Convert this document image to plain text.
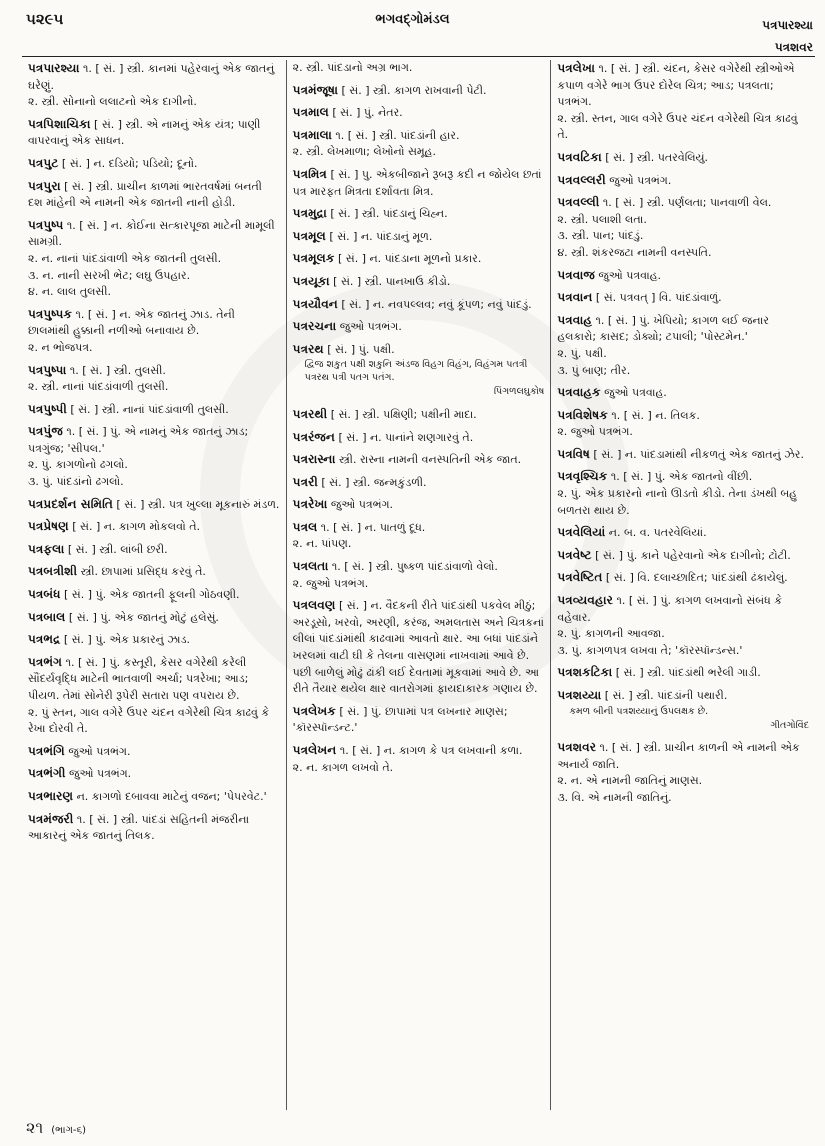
૫૨૯૫	ભગવદ્ગોમંડલ	પત્રપારશ્યા
પત્રશવર

પત્રપારશ્યા ૧. [ સં. ] સ્ત્રી. કાનમાં પહેરવાનું એક જાતનું ઘરેણું.

૨. સ્ત્રી. સોનાનો લલાટનો એક દાગીનો.

પત્રપિશાચિકા [ સં. ] સ્ત્રી. એ નામનું એક યંત્ર; પાણી વાપરવાનું એક સાધન.

પત્રપુટ [ સં. ] ન. દડિયો; પડિયો; દૂનો.

પત્રપુરા [ સં. ] સ્ત્રી. પ્રાચીન કાળમાં ભારતવર્ષમાં બનતી દશ માંહેની એ નામની એક જાતની નાની હોડી.

પત્રપુષ્પ ૧. [ સં. ] ન. કોઈના સત્કારપૂજા માટેની મામૂલી સામગ્રી.

૨. ન. નાનાં પાંદડાંવાળી એક જાતની તુલસી.

૩. ન. નાની સરખી ભેટ; લઘુ ઉપહાર.

૪. ન. લાલ તુલસી.

પત્રપુષ્પક ૧. [ સં. ] ન. એક જાતનું ઝાડ. તેની છાલમાંથી હુક્કાની નળીઓ બનાવાય છે.

૨. ન ભોજપત્ર.

પત્રપુષ્પા ૧. [ સં. ] સ્ત્રી. તુલસી.

૨. સ્ત્રી. નાનાં પાંદડાંવાળી તુલસી.

પત્રપુષ્પી [ સં. ] સ્ત્રી. નાનાં પાંદડાંવાળી તુલસી.

પત્રપુંજ ૧. [ સં. ] પું. એ નામનું એક જાતનું ઝાડ; પત્રગુંજ; 'સીપલ.'

૨. પું. કાગળોનો ઢગલો.

૩. પું. પાંદડાંનો ઢગલો.

પત્રપ્રદર્શન સમિતિ [ સં. ] સ્ત્રી. પત્ર ખુલ્લા મૂકનારું મંડળ.

પત્રપ્રેષણ [ સં. ] ન. કાગળ મોકલવો તે.

પત્રફલા [ સં. ] સ્ત્રી. લાંબી છરી.

પત્રબત્રીશી સ્ત્રી. છાપામાં પ્રસિદ્ધ કરવું તે.

પત્રબંધ [ સં. ] પું. એક જાતની ફૂલની ગોઠવણી.

પત્રબાલ [ સં. ] પું. એક જાતનું મોટું હલેસું.

પત્રભદ્ર [ સં. ] પું. એક પ્રકારનું ઝાડ.

પત્રભંગ ૧. [ સં. ] પું. કસ્તૂરી, કેસર વગેરેથી કરેલી સૌંદર્યવૃદ્ધિ માટેની ભાતવાળી અર્ચા; પત્રરેખા; આડ; પીયળ. તેમાં સોનેરી રૂપેરી સતારા પણ વપરાય છે.

૨. પું સ્તન, ગાલ વગેરે ઉપર ચંદન વગેરેથી ચિત્ર કાઢવું કે રેખા દોરવી તે.

પત્રભંગિ જુઓ પત્રભંગ.

પત્રભંગી જુઓ પત્રભંગ.

પત્રભારણ ન. કાગળો દબાવવા માટેનું વજન; 'પેપરવેટ.'

પત્રમંજરી ૧. [ સં. ] સ્ત્રી. પાંદડાં સહિતની મંજરીના આકારનું એક જાતનું તિલક.

૨. સ્ત્રી. પાંદડાનો અગ્ર ભાગ.

પત્રમંજૂષા [ સં. ] સ્ત્રી. કાગળ રાખવાની પેટી.

પત્રમાલ [ સં. ] પું. નેતર.

પત્રમાલા ૧. [ સં. ] સ્ત્રી. પાંદડાંની હાર.

૨. સ્ત્રી. લેખમાળા; લેખોનો સમૂહ.

પત્રમિત્ર [ સં. ] પુ. એકબીજાને રૂબરૂ કદી ન જોયેલ છતાં પત્ર મારફત મિત્રતા દર્શાવતા મિત્ર.

પત્રમુદ્રા [ સં. ] સ્ત્રી. પાંદડાનું ચિહ્ન.

પત્રમૂલ [ સં. ] ન. પાંદડાનું મૂળ.

પત્રમૂલક [ સં. ] ન. પાંદડાના મૂળનો પ્રકાર.

પત્રયૂકા [ સં. ] સ્ત્રી. પાનખાઉ કીડો.

પત્રયૌવન [ સં. ] ન. નવપલ્લવ; નવું કૂંપળ; નવું પાંદડું.

પત્રરચના જુઓ પત્રભંગ.

પત્રરથ [ સં. ] પું. પક્ષી.

દ્વિજ શકુત પક્ષી શકુનિ અંડજ વિહગ વિહંગ, વિહંગમ પતત્રી પત્રરથ પત્રી પતગ પતંગ.

પિંગળલઘુકોષ

પત્રરથી [ સં. ] સ્ત્રી. પક્ષિણી; પક્ષીની માદા.

પત્રરંજન [ સં. ] ન. પાનાંને શણગારવું તે.

પત્રરાસ્ના સ્ત્રી. રાસ્ના નામની વનસ્પતિની એક જાત.

પત્રરી [ સં. ] સ્ત્રી. જન્મકુંડળી.

પત્રરેખા જુઓ પત્રભંગ.

પત્રલ ૧. [ સં. ] ન. પાતળું દૂધ.

૨. ન. પાંપણ.

પત્રલતા ૧. [ સં. ] સ્ત્રી. પુષ્કળ પાંદડાંવાળો વેલો.

૨. જુઓ પત્રભંગ.

પત્રલવણ [ સં. ] ન. વૈદકની રીતે પાંદડાંથી પકવેલ મીઠું; અરડૂસો, ખરવો, અરણી, કરંજ, અમલતાસ અને ચિત્રકનાં લીલાં પાંદડાંમાંથી કાઢવામાં આવતો ક્ષાર. આ બધાં પાંદડાંને ખરલમાં વાટી ઘી કે તેલના વાસણમાં નાખવામાં આવે છે. પછી બાળેલું મોઢું ઢાંકી લઈ દેવતામાં મૂકવામાં આવે છે. આ રીતે તૈયાર થયેલ ક્ષાર વાતરોગમાં ફાયદાકારક ગણાય છે.

પત્રલેખક [ સં. ] પું. છાપામાં પત્ર લખનાર માણસ; 'કૉરસ્પૉન્ડન્ટ.'

પત્રલેખન ૧. [ સં. ] ન. કાગળ કે પત્ર લખવાની કળા.

૨. ન. કાગળ લખવો તે.

પત્રલેખા ૧. [ સં. ] સ્ત્રી. ચંદન, કેસર વગેરેથી સ્ત્રીઓએ કપાળ વગેરે ભાગ ઉપર દોરેલ ચિત્ર; આડ; પત્રલતા; પત્રભંગ.

૨. સ્ત્રી. સ્તન, ગાલ વગેરે ઉપર ચંદન વગેરેથી ચિત્ર કાઢવું તે.

પત્રવટિકા [ સં. ] સ્ત્રી. પતરવેલિયું.

પત્રવલ્લરી જુઓ પત્રભંગ.

પત્રવલ્લી ૧. [ સં. ] સ્ત્રી. પર્ણલતા; પાનવાળી વેલ.

૨. સ્ત્રી. પલાશી લતા.

૩. સ્ત્રી. પાન; પાંદડું.

૪. સ્ત્રી. શંકરજટા નામની વનસ્પતિ.

પત્રવાજ જુઓ પત્રવાહ.

પત્રવાન [ સં. પત્રવત્ ] વિ. પાંદડાંવાળું.

પત્રવાહ ૧. [ સં. ] પું. ખેપિયો; કાગળ લઈ જનાર હલકારો; કાસદ; ડોક્યો; ટપાલી; 'પોસ્ટમેન.'

૨. પું. પક્ષી.

૩. પું બાણ; તીર.

પત્રવાહક જુઓ પત્રવાહ.

પત્રવિશેષક ૧. [ સં. ] ન. તિલક.

૨. જુઓ પત્રભંગ.

પત્રવિષ [ સં. ] ન. પાંદડામાંથી નીકળતું એક જાતનું ઝેર.

પત્રવૃશ્ચિક ૧. [ સં. ] પું. એક જાતનો વીંછી.

૨. પું. એક પ્રકારનો નાનો ઊડતો કીડો. તેના ડંખથી બહુ બળતરા થાય છે.

પત્રવેલિયાં ન. બ. વ. પતરવેલિયાં.

પત્રવેષ્ટ [ સં. ] પું. કાને પહેરવાનો એક દાગીનો; ટોટી.

પત્રવેષ્ટિત [ સં. ] વિ. દલાચ્છાદિત; પાંદડાંથી ઢંકાયેલું.

પત્રવ્યવહાર ૧. [ સં. ] પું. કાગળ લખવાનો સંબંધ કે વહેવાર.

૨. પું. કાગળની આવજા.

૩. પું. કાગળપત્ર લખવા તે; 'કૉરસ્પૉન્ડન્સ.'

પત્રશકટિકા [ સં. ] સ્ત્રી. પાંદડાંથી ભરેલી ગાડી.

પત્રશય્યા [ સં. ] સ્ત્રી. પાંદડાંની પથારી.

કમળ બીની પત્રશય્યાનું ઉપલક્ષક છે.

ગીતગોવિંદ

પત્રશવર ૧. [ સં. ] સ્ત્રી. પ્રાચીન કાળની એ નામની એક અનાર્ય જાતિ.

૨. ન. એ નામની જાતિનું માણસ.

૩. વિ. એ નામની જાતિનું.

૨૧ (ભાગ-૬)
